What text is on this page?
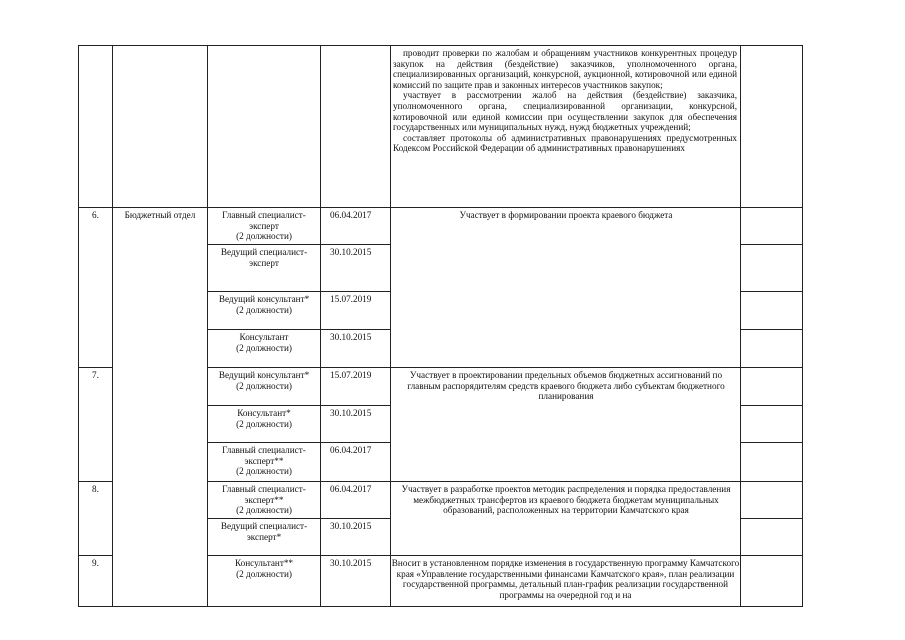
проводит проверки по жалобам и обращениям участников конкурентных процедур закупок на действия (бездействие) заказчиков, уполномоченного органа, специализированных организаций, конкурсной, аукционной, котировочной или единой комиссий по защите прав и законных интересов участников закупок;

участвует в рассмотрении жалоб на действия (бездействие) заказчика, уполномоченного органа, специализированной организации, конкурсной, котировочной или единой комиссии при осуществлении закупок для обеспечения государственных или муниципальных нужд, нужд бюджетных учреждений;

составляет протоколы об административных правонарушениях предусмотренных Кодексом Российской Федерации об административных правонарушениях

6.
7.
8.
9.
Бюджетный отдел	Главный специалист-эксперт
(2 должности)
Ведущий специалист-эксперт
Ведущий консультант*
(2 должности)
Консультант
(2 должности)
Ведущий консультант*
(2 должности)
Консультант*
(2 должности)
Главный специалист-эксперт**
(2 должности)
Главный специалист-эксперт**
(2 должности)
Ведущий специалист-эксперт*
Консультант**
(2 должности)
06.04.2017
30.10.2015
15.07.2019
30.10.2015
15.07.2019
30.10.2015
06.04.2017
06.04.2017
30.10.2015
30.10.2015
Участвует в формировании проекта краевого бюджета
Участвует в проектировании предельных объемов бюджетных ассигнований по главным распорядителям средств краевого бюджета либо субъектам бюджетного планирования
Участвует в разработке проектов методик распределения и порядка предоставления межбюджетных трансфертов из краевого бюджета бюджетам муниципальных образований, расположенных на территории Камчатского края
Вносит в установленном порядке изменения в государственную программу Камчатского края «Управление государственными финансами Камчатского края», план реализации государственной программы, детальный план-график реализации государственной программы на очередной год и на
